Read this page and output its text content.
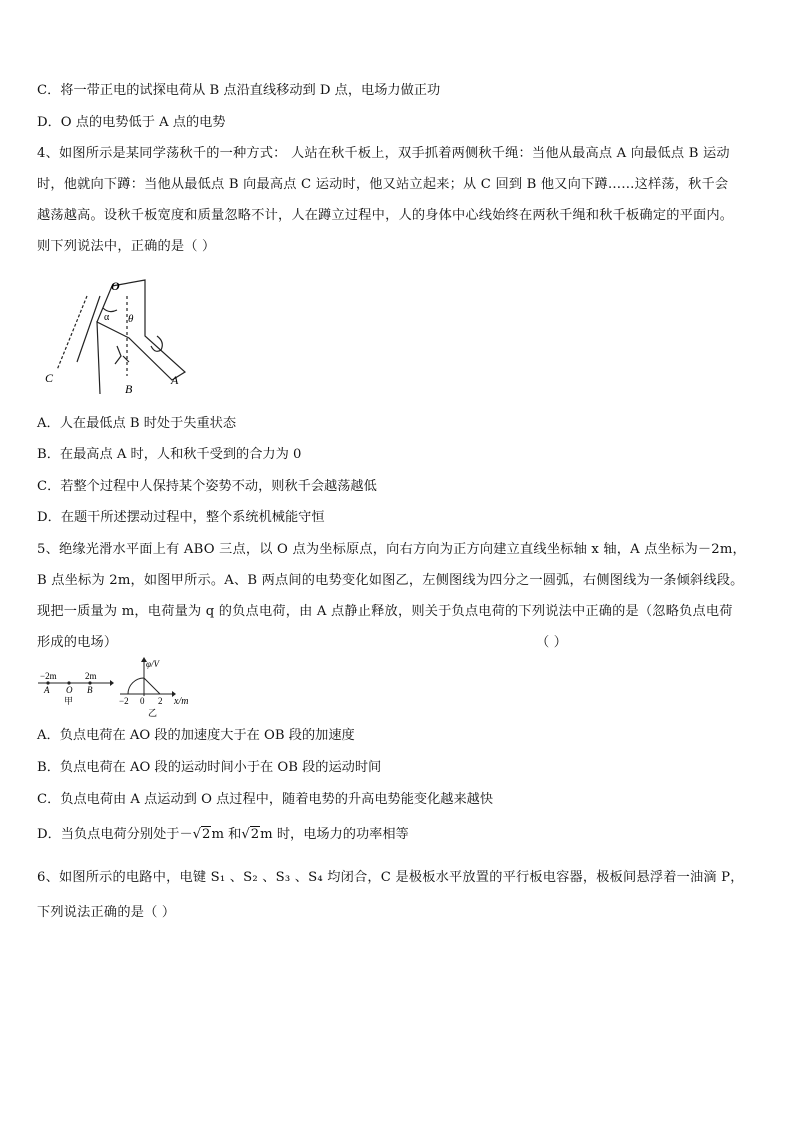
C．将一带正电的试探电荷从 B 点沿直线移动到 D 点，电场力做正功
D．O 点的电势低于 A 点的电势
4、如图所示是某同学荡秋千的一种方式： 人站在秋千板上，双手抓着两侧秋千绳：当他从最高点 A 向最低点 B 运动
时，他就向下蹲：当他从最低点 B 向最高点 C 运动时，他又站立起来；从 C 回到 B 他又向下蹲……这样荡，秋千会
越荡越高。设秋千板宽度和质量忽略不计，人在蹲立过程中，人的身体中心线始终在两秋千绳和秋千板确定的平面内。
则下列说法中，正确的是（ ）
O
α θ
C
B
A
A．人在最低点 B 时处于失重状态
B．在最高点 A 时，人和秋千受到的合力为 0
C．若整个过程中人保持某个姿势不动，则秋千会越荡越低
D．在题干所述摆动过程中，整个系统机械能守恒
5、绝缘光滑水平面上有 ABO 三点，以 O 点为坐标原点，向右方向为正方向建立直线坐标轴 x 轴，A 点坐标为－2m，
B 点坐标为 2m，如图甲所示。A、B 两点间的电势变化如图乙，左侧图线为四分之一圆弧，右侧图线为一条倾斜线段。
现把一质量为 m，电荷量为 q 的负点电荷，由 A 点静止释放，则关于负点电荷的下列说法中正确的是（忽略负点电荷
形成的电场）	（ ）
−2m	2m
A O B
甲
φ/V
−2 0 2 x/m
乙
A．负点电荷在 AO 段的加速度大于在 OB 段的加速度
B．负点电荷在 AO 段的运动时间小于在 OB 段的运动时间
C．负点电荷由 A 点运动到 O 点过程中，随着电势的升高电势能变化越来越快
D．当负点电荷分别处于－√2m 和√2m 时，电场力的功率相等
6、如图所示的电路中，电键 S₁ 、S₂ 、S₃ 、S₄ 均闭合，C 是极板水平放置的平行板电容器，极板间悬浮着一油滴 P，
下列说法正确的是（ ）
